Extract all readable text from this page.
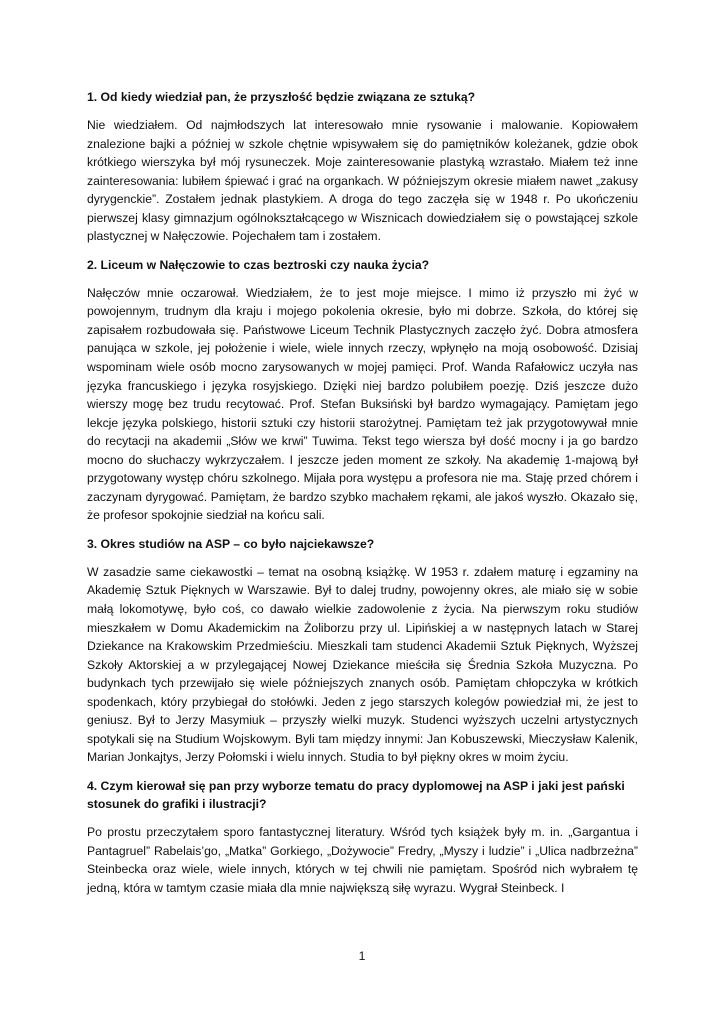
1. Od kiedy wiedział pan, że przyszłość będzie związana ze sztuką?

Nie wiedziałem. Od najmłodszych lat interesowało mnie rysowanie i malowanie. Kopiowałem znalezione bajki a później w szkole chętnie wpisywałem się do pamiętników koleżanek, gdzie obok krótkiego wierszyka był mój rysuneczek. Moje zainteresowanie plastyką wzrastało. Miałem też inne zainteresowania: lubiłem śpiewać i grać na organkach. W późniejszym okresie miałem nawet „zakusy dyrygenckie”. Zostałem jednak plastykiem. A droga do tego zaczęła się w 1948 r. Po ukończeniu pierwszej klasy gimnazjum ogólnokształcącego w Wisznicach dowiedziałem się o powstającej szkole plastycznej w Nałęczowie. Pojechałem tam i zostałem.

2. Liceum w Nałęczowie to czas beztroski czy nauka życia?

Nałęczów mnie oczarował. Wiedziałem, że to jest moje miejsce. I mimo iż przyszło mi żyć w powojennym, trudnym dla kraju i mojego pokolenia okresie, było mi dobrze. Szkoła, do której się zapisałem rozbudowała się. Państwowe Liceum Technik Plastycznych zaczęło żyć. Dobra atmosfera panująca w szkole, jej położenie i wiele, wiele innych rzeczy, wpłynęło na moją osobowość. Dzisiaj wspominam wiele osób mocno zarysowanych w mojej pamięci. Prof. Wanda Rafałowicz uczyła nas języka francuskiego i języka rosyjskiego. Dzięki niej bardzo polubiłem poezję. Dziś jeszcze dużo wierszy mogę bez trudu recytować. Prof. Stefan Buksiński był bardzo wymagający. Pamiętam jego lekcje języka polskiego, historii sztuki czy historii starożytnej. Pamiętam też jak przygotowywał mnie do recytacji na akademii „Słów we krwi” Tuwima. Tekst tego wiersza był dość mocny i ja go bardzo mocno do słuchaczy wykrzyczałem. I jeszcze jeden moment ze szkoły. Na akademię 1-majową był przygotowany występ chóru szkolnego. Mijała pora występu a profesora nie ma. Staję przed chórem i zaczynam dyrygować. Pamiętam, że bardzo szybko machałem rękami, ale jakoś wyszło. Okazało się, że profesor spokojnie siedział na końcu sali.

3. Okres studiów na ASP – co było najciekawsze?

W zasadzie same ciekawostki – temat na osobną książkę. W 1953 r. zdałem maturę i egzaminy na Akademię Sztuk Pięknych w Warszawie. Był to dalej trudny, powojenny okres, ale miało się w sobie małą lokomotywę, było coś, co dawało wielkie zadowolenie z życia. Na pierwszym roku studiów mieszkałem w Domu Akademickim na Żoliborzu przy ul. Lipińskiej a w następnych latach w Starej Dziekance na Krakowskim Przedmieściu. Mieszkali tam studenci Akademii Sztuk Pięknych, Wyższej Szkoły Aktorskiej a w przylegającej Nowej Dziekance mieściła się Średnia Szkoła Muzyczna. Po budynkach tych przewijało się wiele późniejszych znanych osób. Pamiętam chłopczyka w krótkich spodenkach, który przybiegał do stołówki. Jeden z jego starszych kolegów powiedział mi, że jest to geniusz. Był to Jerzy Masymiuk – przyszły wielki muzyk. Studenci wyższych uczelni artystycznych spotykali się na Studium Wojskowym. Byli tam między innymi: Jan Kobuszewski, Mieczysław Kalenik, Marian Jonkajtys, Jerzy Połomski i wielu innych. Studia to był piękny okres w moim życiu.

4. Czym kierował się pan przy wyborze tematu do pracy dyplomowej na ASP i jaki jest pański stosunek do grafiki i ilustracji?

Po prostu przeczytałem sporo fantastycznej literatury. Wśród tych książek były m. in. „Gargantua i Pantagruel” Rabelais’go, „Matka” Gorkiego, „Dożywocie” Fredry, „Myszy i ludzie” i „Ulica nadbrzeżna” Steinbecka oraz wiele, wiele innych, których w tej chwili nie pamiętam. Spośród nich wybrałem tę jedną, która w tamtym czasie miała dla mnie największą siłę wyrazu. Wygrał Steinbeck. I

1
